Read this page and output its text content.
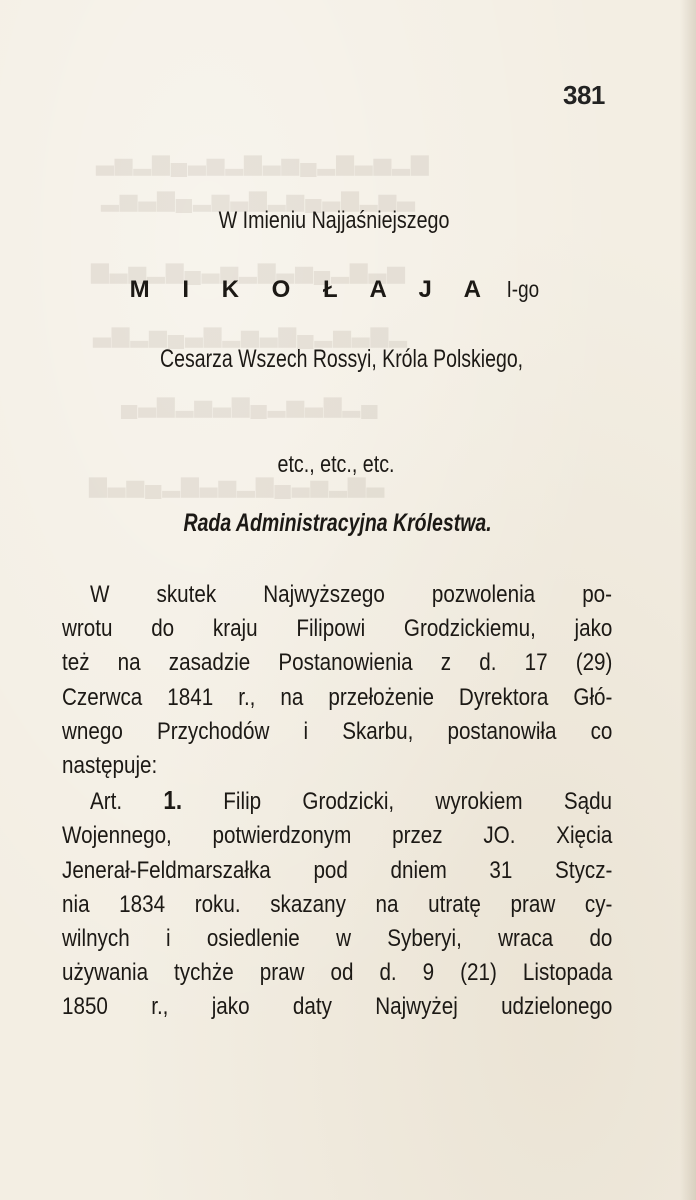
▆▂▅▃▆▂▄▅▃▆▂▅▃▄▆▂▅▃
▃▅▂▆▃▄▅▂▆▃▅▂▄▆▃▅▂
▅▃▆▂▄▅▃▆▂▅▃▄▆▂▅▃▆
▂▆▃▅▂▄▆▃▅▂▆▃▄▅▂▆▃
▄▂▆▃▅▂▄▆▃▅▂▆▃▄
▃▆▂▅▃▄▆▂▅▃▆▂▄▅▃▆
381
W Imieniu Najjaśniejszego
M I K O Ł A J A I-go
Cesarza Wszech Rossyi, Króla Polskiego,
etc., etc., etc.
Rada Administracyjna Królestwa.
W skutek Najwyższego pozwolenia po-
wrotu do kraju Filipowi Grodzickiemu, jako
też na zasadzie Postanowienia z d. 17 (29)
Czerwca 1841 r., na przełożenie Dyrektora Głó-
wnego Przychodów i Skarbu, postanowiła co
następuje:
Art. 1. Filip Grodzicki, wyrokiem Sądu
Wojennego, potwierdzonym przez JO. Xięcia
Jenerał-Feldmarszałka pod dniem 31 Stycz-
nia 1834 roku. skazany na utratę praw cy-
wilnych i osiedlenie w Syberyi, wraca do
używania tychże praw od d. 9 (21) Listopada
1850 r., jako daty Najwyżej udzielonego
